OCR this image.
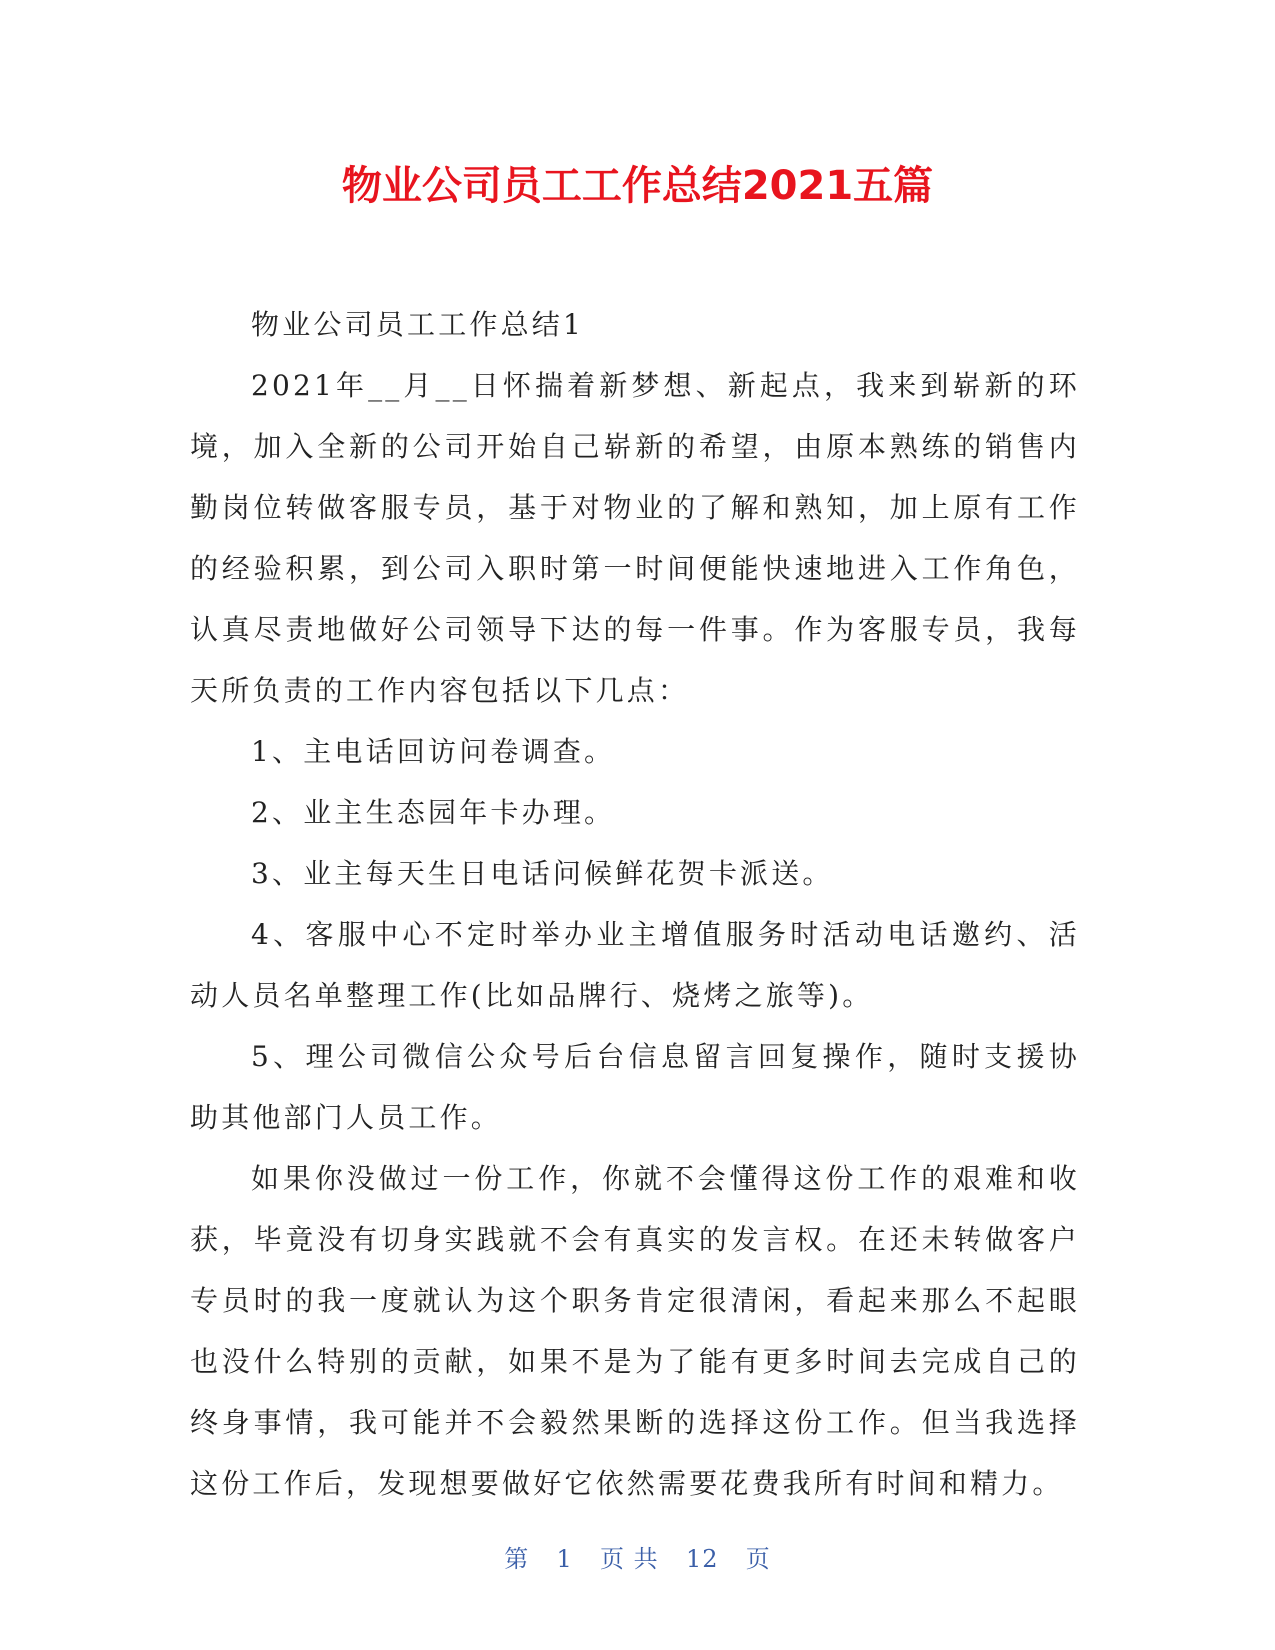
物业公司员工工作总结2021五篇

物业公司员工工作总结1

2021年__月__日怀揣着新梦想、新起点，我来到崭新的环境，加入全新的公司开始自己崭新的希望，由原本熟练的销售内勤岗位转做客服专员，基于对物业的了解和熟知，加上原有工作的经验积累，到公司入职时第一时间便能快速地进入工作角色，认真尽责地做好公司领导下达的每一件事。作为客服专员，我每天所负责的工作内容包括以下几点：

1、主电话回访问卷调查。

2、业主生态园年卡办理。

3、业主每天生日电话问候鲜花贺卡派送。

4、客服中心不定时举办业主增值服务时活动电话邀约、活动人员名单整理工作(比如品牌行、烧烤之旅等)。

5、理公司微信公众号后台信息留言回复操作，随时支援协助其他部门人员工作。

如果你没做过一份工作，你就不会懂得这份工作的艰难和收获，毕竟没有切身实践就不会有真实的发言权。在还未转做客户专员时的我一度就认为这个职务肯定很清闲，看起来那么不起眼也没什么特别的贡献，如果不是为了能有更多时间去完成自己的终身事情，我可能并不会毅然果断的选择这份工作。但当我选择这份工作后，发现想要做好它依然需要花费我所有时间和精力。

第 1 页 共 12 页
